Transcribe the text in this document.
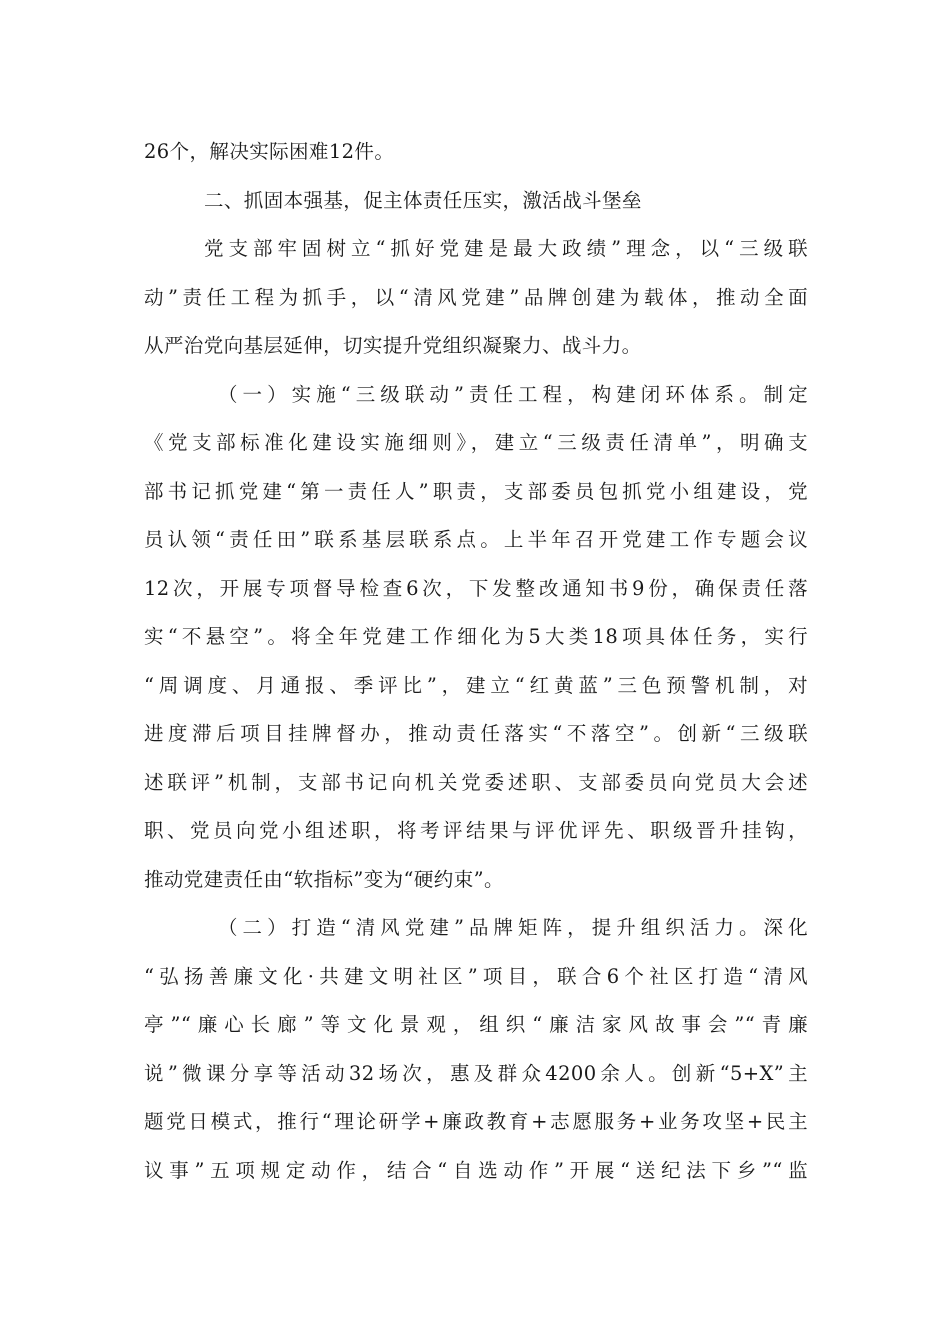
26个，解决实际困难12件。
二、抓固本强基，促主体责任压实，激活战斗堡垒
党支部牢固树立“抓好党建是最大政绩”理念，以“三级联
动”责任工程为抓手，以“清风党建”品牌创建为载体，推动全面
从严治党向基层延伸，切实提升党组织凝聚力、战斗力。
（一）实施“三级联动”责任工程，构建闭环体系。制定
《党支部标准化建设实施细则》，建立“三级责任清单”，明确支
部书记抓党建“第一责任人”职责，支部委员包抓党小组建设，党
员认领“责任田”联系基层联系点。上半年召开党建工作专题会议
12次，开展专项督导检查6次，下发整改通知书9份，确保责任落
实“不悬空”。将全年党建工作细化为5大类18项具体任务，实行
“周调度、月通报、季评比”，建立“红黄蓝”三色预警机制，对
进度滞后项目挂牌督办，推动责任落实“不落空”。创新“三级联
述联评”机制，支部书记向机关党委述职、支部委员向党员大会述
职、党员向党小组述职，将考评结果与评优评先、职级晋升挂钩，
推动党建责任由“软指标”变为“硬约束”。
（二）打造“清风党建”品牌矩阵，提升组织活力。深化
“弘扬善廉文化·共建文明社区”项目，联合6个社区打造“清风
亭”“廉心长廊”等文化景观，组织“廉洁家风故事会”“青廉
说”微课分享等活动32场次，惠及群众4200余人。创新“5+X”主
题党日模式，推行“理论研学+廉政教育+志愿服务+业务攻坚+民主
议事”五项规定动作，结合“自选动作”开展“送纪法下乡”“监
